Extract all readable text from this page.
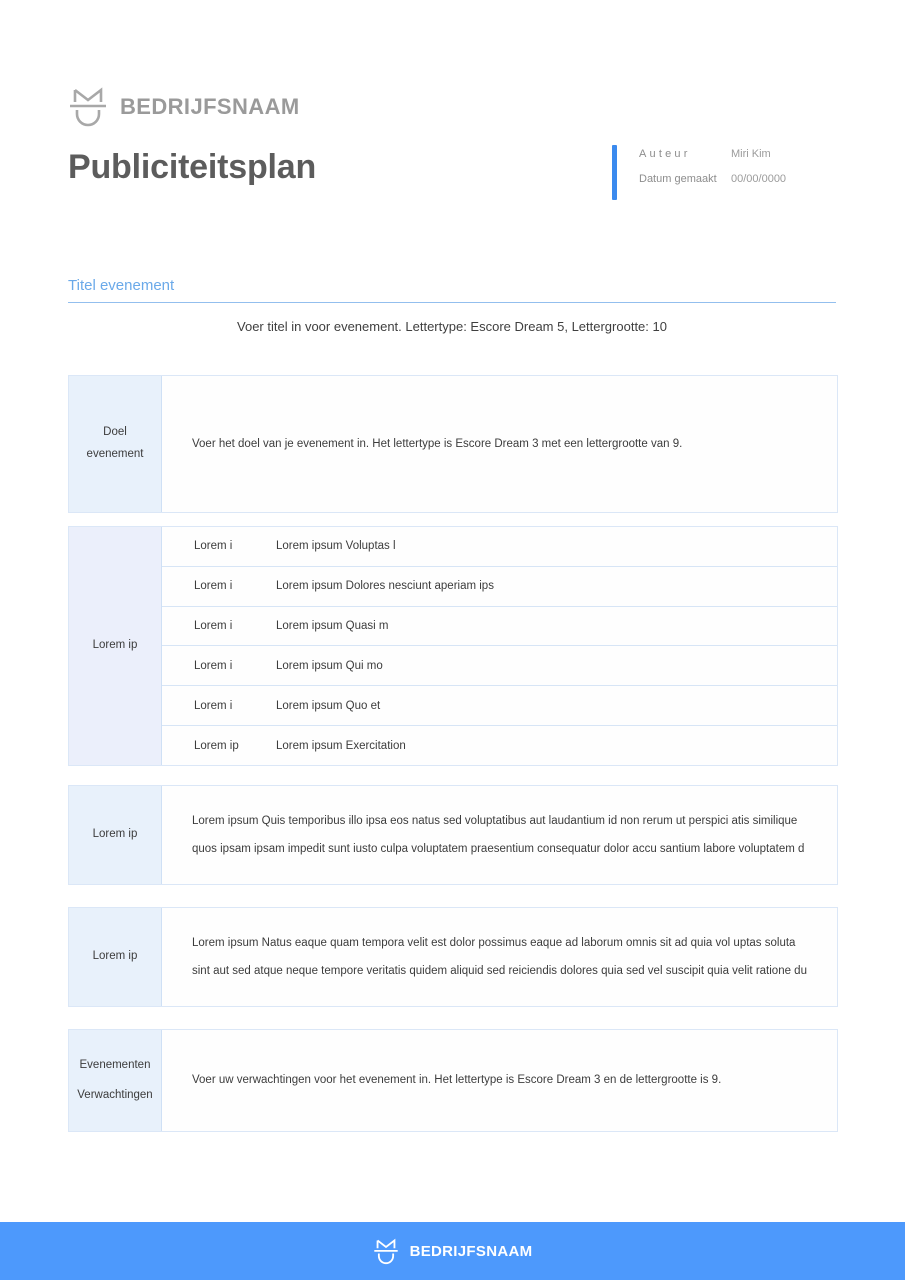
BEDRIJFSNAAM
Publiciteitsplan	Auteur	Miri Kim
Datum gemaakt	00/00/0000
Titel evenement
Voer titel in voor evenement. Lettertype: Escore Dream 5, Lettergrootte: 10
Doel evenement
Voer het doel van je evenement in. Het lettertype is Escore Dream 3 met een lettergrootte van 9.
Lorem ip
Lorem i	Lorem ipsum Voluptas l
Lorem i	Lorem ipsum Dolores nesciunt aperiam ips
Lorem i	Lorem ipsum Quasi m
Lorem i	Lorem ipsum Qui mo
Lorem i	Lorem ipsum Quo et
Lorem ip	Lorem ipsum Exercitation
Lorem ip
Lorem ipsum Quis temporibus illo ipsa eos natus sed voluptatibus aut laudantium id non rerum ut perspici atis similique quos ipsam ipsam impedit sunt iusto culpa voluptatem praesentium consequatur dolor accu santium labore voluptatem d
Lorem ip
Lorem ipsum Natus eaque quam tempora velit est dolor possimus eaque ad laborum omnis sit ad quia vol uptas soluta sint aut sed atque neque tempore veritatis quidem aliquid sed reiciendis dolores quia sed vel suscipit quia velit ratione du
Evenementen
Verwachtingen
Voer uw verwachtingen voor het evenement in. Het lettertype is Escore Dream 3 en de lettergrootte is 9.
BEDRIJFSNAAM
